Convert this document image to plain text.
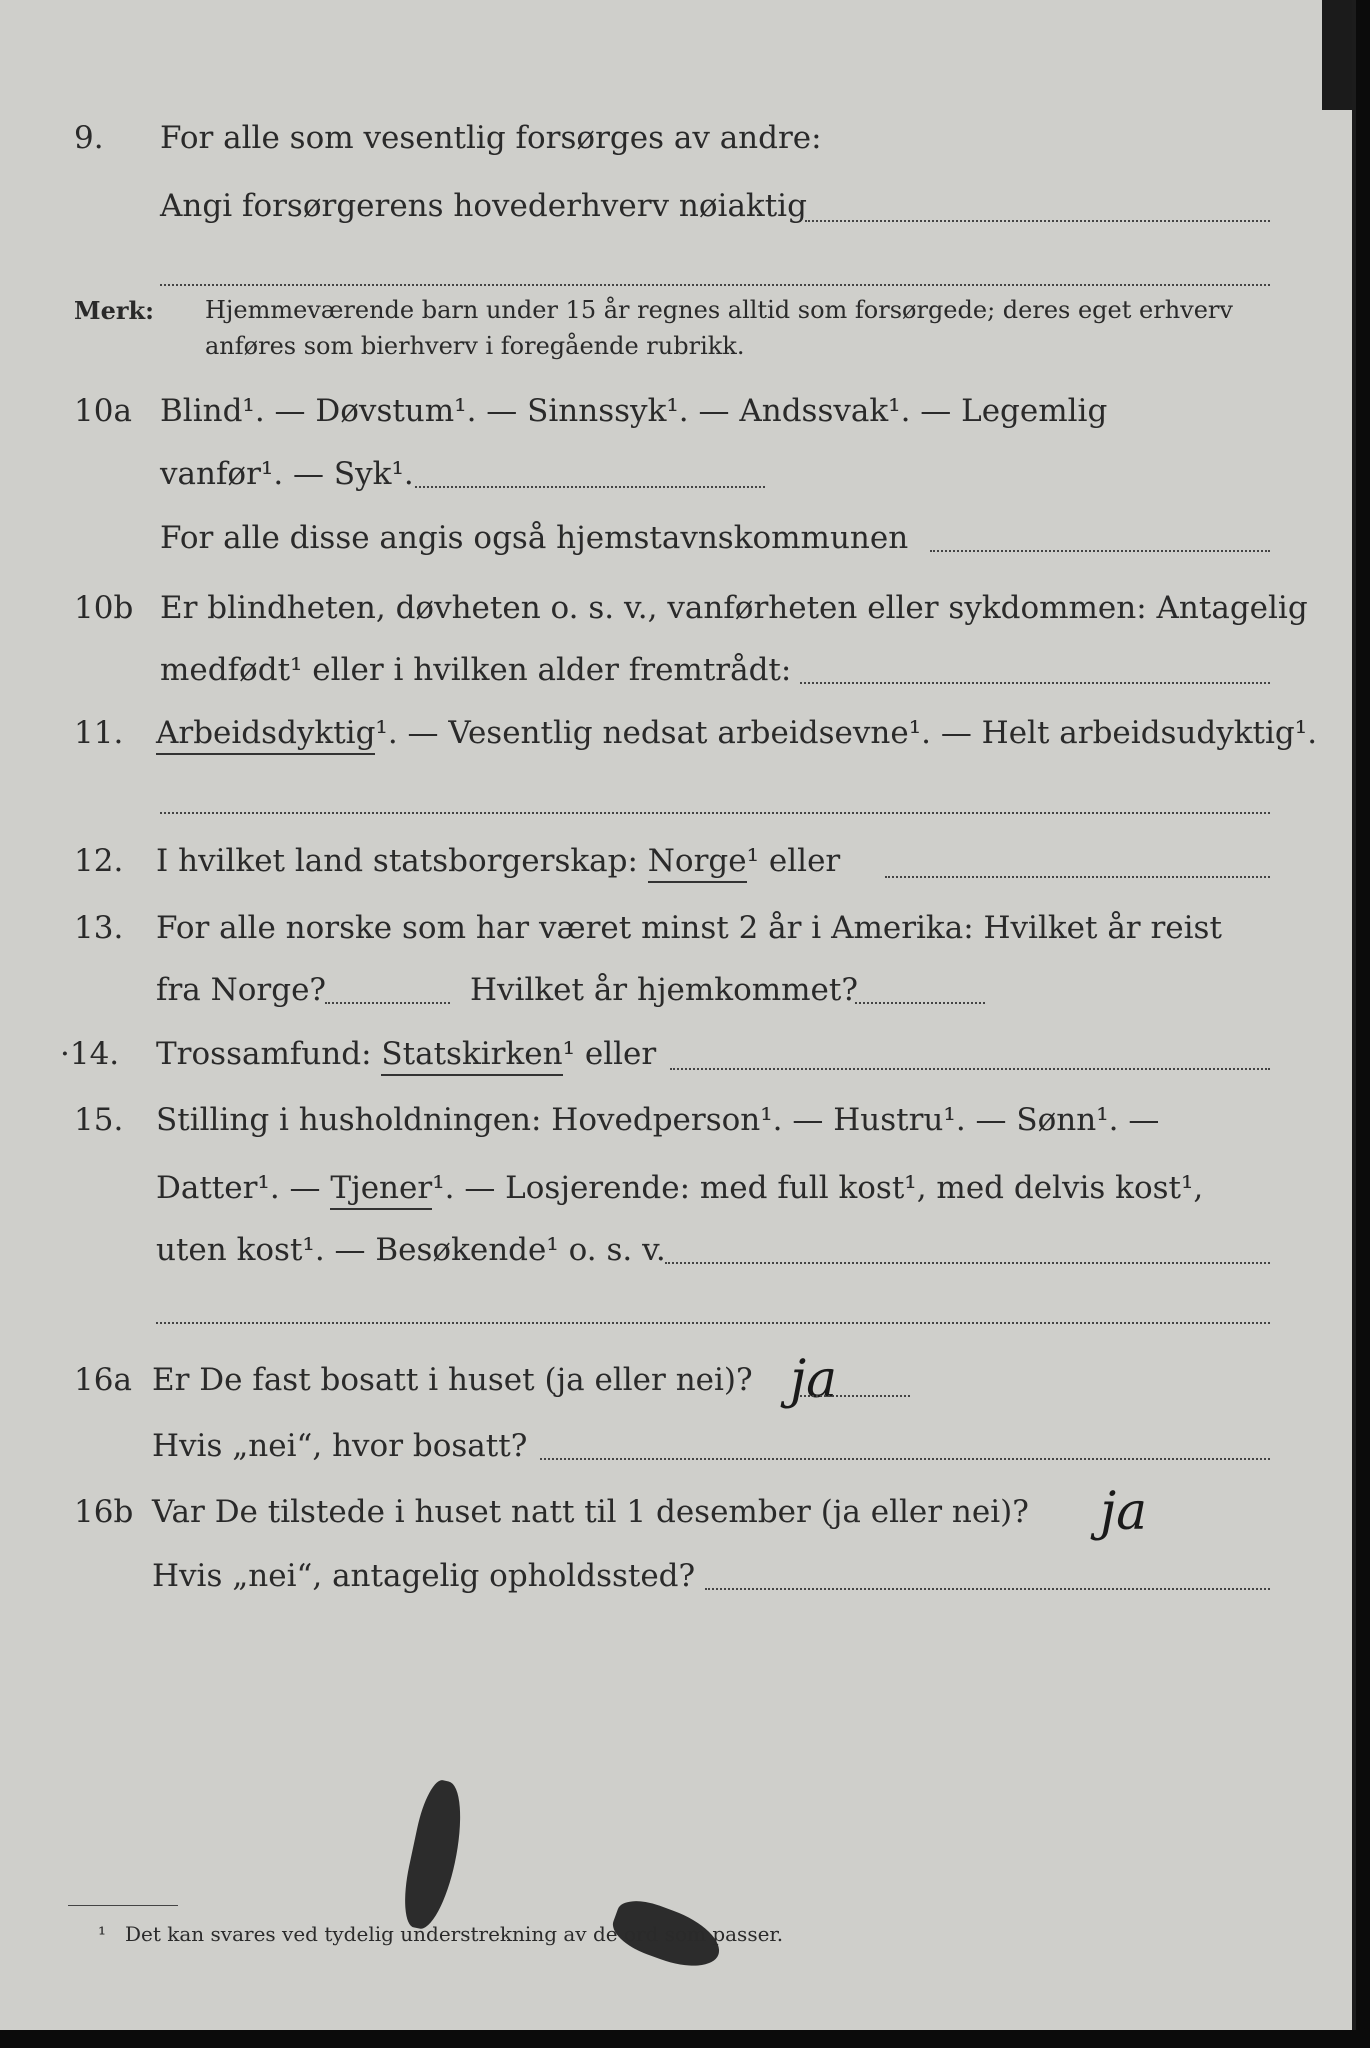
9. For alle som vesentlig forsørges av andre:
Angi forsørgerens hovederhverv nøiaktig
Merk: Hjemmeværende barn under 15 år regnes alltid som forsørgede; deres eget erhverv
anføres som bierhverv i foregående rubrikk.
10a Blind¹. — Døvstum¹. — Sinnssyk¹. — Andssvak¹. — Legemlig
vanfør¹. — Syk¹.
For alle disse angis også hjemstavnskommunen
10b Er blindheten, døvheten o. s. v., vanførheten eller sykdommen: Antagelig
medfødt¹ eller i hvilken alder fremtrådt:
11. Arbeidsdyktig¹. — Vesentlig nedsat arbeidsevne¹. — Helt arbeidsudyktig¹.
12. I hvilket land statsborgerskap: Norge¹ eller
13. For alle norske som har været minst 2 år i Amerika: Hvilket år reist
fra Norge?	Hvilket år hjemkommet?
·14. Trossamfund: Statskirken¹ eller
15. Stilling i husholdningen: Hovedperson¹. — Hustru¹. — Sønn¹. —
Datter¹. — Tjener¹. — Losjerende: med full kost¹, med delvis kost¹,
uten kost¹. — Besøkende¹ o. s. v.
16a Er De fast bosatt i huset (ja eller nei)? ja
Hvis „nei“, hvor bosatt?
16b Var De tilstede i huset natt til 1 desember (ja eller nei)? ja
Hvis „nei“, antagelig opholdssted?
¹ Det kan svares ved tydelig understrekning av de ord som passer.
